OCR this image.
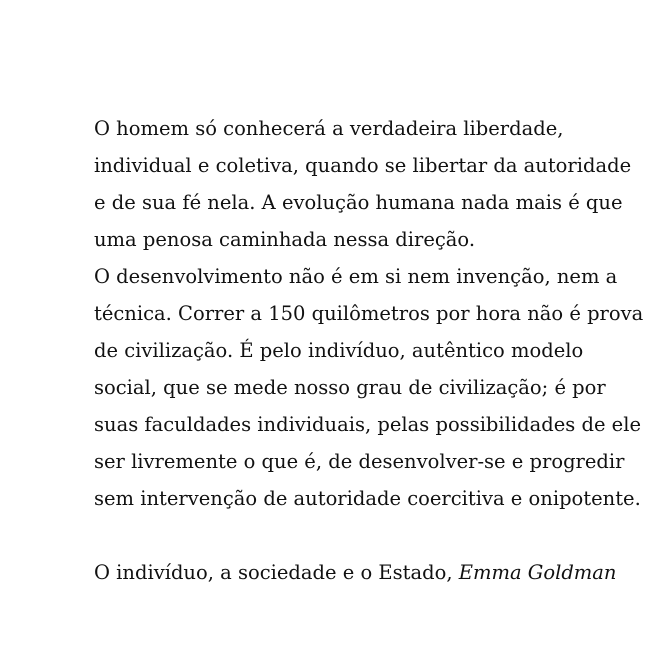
O homem só conhecerá a verdadeira liberdade,
individual e coletiva, quando se libertar da autoridade
e de sua fé nela. A evolução humana nada mais é que
uma penosa caminhada nessa direção.
O desenvolvimento não é em si nem invenção, nem a
técnica. Correr a 150 quilômetros por hora não é prova
de civilização. É pelo indivíduo, autêntico modelo
social, que se mede nosso grau de civilização; é por
suas faculdades individuais, pelas possibilidades de ele
ser livremente o que é, de desenvolver-se e progredir
sem intervenção de autoridade coercitiva e onipotente.
O indivíduo, a sociedade e o Estado, Emma Goldman
